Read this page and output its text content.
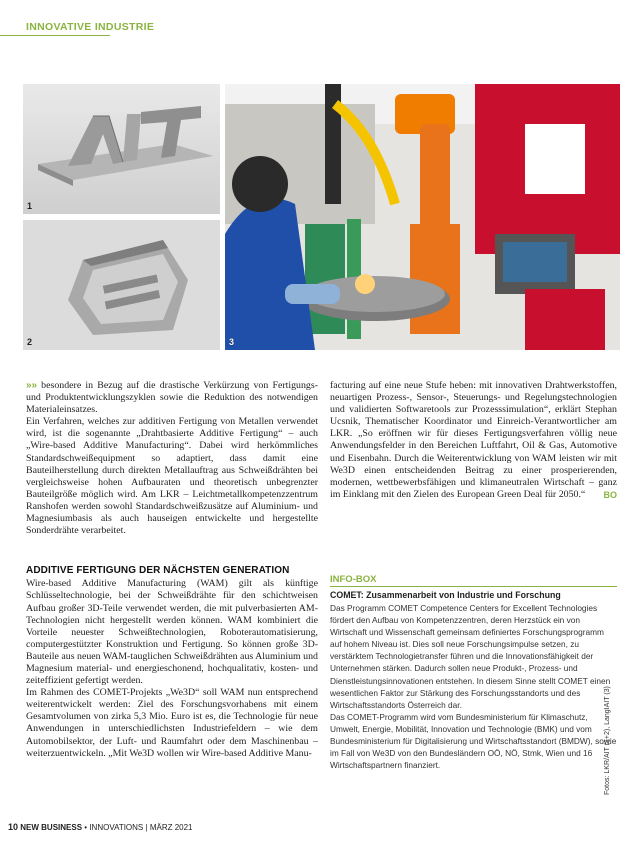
INNOVATIVE INDUSTRIE
1
2	3

»» besondere in Bezug auf die drastische Verkürzung von Fertigungs- und Produktentwicklungszyklen sowie die Reduktion des notwendigen Materialeinsatzes.

Ein Verfahren, welches zur additiven Fertigung von Metallen verwendet wird, ist die sogenannte „Drahtbasierte Additive Fertigung“ – auch „Wire-based Additive Manufacturing“. Dabei wird herkömmliches Standardschweißequipment so adaptiert, dass damit eine Bauteilherstellung durch direkten Metallauftrag aus Schweißdrähten bei vergleichsweise hohen Aufbauraten und theoretisch unbegrenzter Bauteilgröße möglich wird. Am LKR – Leichtmetallkompetenzzentrum Ranshofen werden sowohl Standardschweißzusätze auf Aluminium- und Magnesiumbasis als auch hauseigen entwickelte und hergestellte Sonderdrähte verarbeitet.

ADDITIVE FERTIGUNG DER NÄCHSTEN GENERATION

Wire-based Additive Manufacturing (WAM) gilt als künftige Schlüsseltechnologie, bei der Schweißdrähte für den schichtweisen Aufbau großer 3D-Teile verwendet werden, die mit pulverbasierten AM-Technologien nicht hergestellt werden können. WAM kombiniert die Vorteile neuester Schweißtechnologien, Roboterautomatisierung, computergestützter Konstruktion und Fertigung. So können große 3D-Bauteile aus neuen WAM-tauglichen Schweißdrähten aus Aluminium und Magnesium material- und energieschonend, hochqualitativ, kosten- und zeiteffizient gefertigt werden.

Im Rahmen des COMET-Projekts „We3D“ soll WAM nun entsprechend weiterentwickelt werden: Ziel des Forschungsvorhabens mit einem Gesamtvolumen von zirka 5,3 Mio. Euro ist es, die Technologie für neue Anwendungen in unterschiedlichsten Industriefeldern – wie dem Automobilsektor, der Luft- und Raumfahrt oder dem Maschinenbau – weiterzuentwickeln. „Mit We3D wollen wir Wire-based Additive Manu-

facturing auf eine neue Stufe heben: mit innovativen Drahtwerkstoffen, neuartigen Prozess-, Sensor-, Steuerungs- und Regelungstechnologien und validierten Softwaretools zur Prozesssimulation“, erklärt Stephan Ucsnik, Thematischer Koordinator und Einreich-Verantwortlicher am LKR. „So eröffnen wir für dieses Fertigungsverfahren völlig neue Anwendungsfelder in den Bereichen Luftfahrt, Oil & Gas, Automotive und Eisenbahn. Durch die Weiterentwicklung von WAM leisten wir mit We3D einen entscheidenden Beitrag zu einer prosperierenden, modernen, wettbewerbsfähigen und klimaneutralen Wirtschaft – ganz im Einklang mit den Zielen des European Green Deal für 2050.“ BO

INFO-BOX
COMET: Zusammenarbeit von Industrie und Forschung

Das Programm COMET Competence Centers for Excellent Technologies fördert den Aufbau von Kompetenzzentren, deren Herzstück ein von Wirtschaft und Wissenschaft gemeinsam definiertes Forschungsprogramm auf hohem Niveau ist. Dies soll neue Forschungsimpulse setzen, zu verstärktem Technologietransfer führen und die Innovationsfähigkeit der Unternehmen stärken. Dadurch sollen neue Produkt-, Prozess- und Dienstleistungsinnovationen entstehen. In diesem Sinne stellt COMET einen wesentlichen Faktor zur Stärkung des Forschungsstandorts und des Wirtschaftsstandorts Österreich dar.

Das COMET-Programm wird vom Bundesministerium für Klimaschutz, Umwelt, Energie, Mobilität, Innovation und Technologie (BMK) und vom Bundesministerium für Digitalisierung und Wirtschaftsstandort (BMDW), sowie im Fall von We3D von den Bundesländern OÖ, NÖ, Stmk, Wien und 16 Wirtschaftspartnern finanziert.	Fotos: LKR/AIT (1+2), LangIAIT (3)
10 NEW BUSINESS • INNOVATIONS | MÄRZ 2021
